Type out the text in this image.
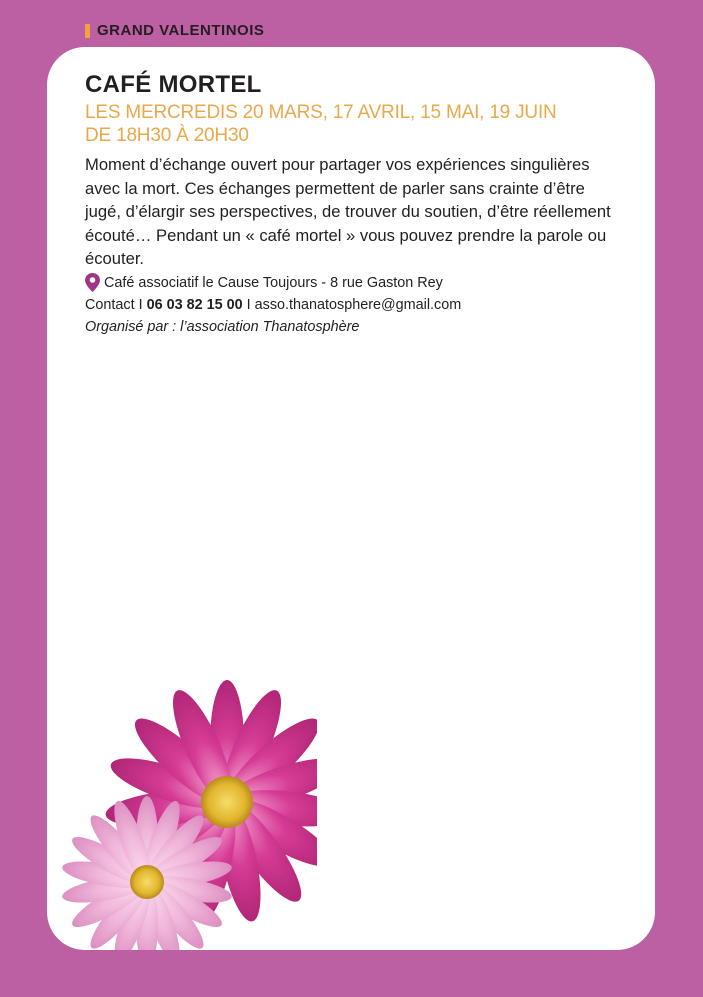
GRAND VALENTINOIS
CAFÉ MORTEL
LES MERCREDIS 20 MARS, 17 AVRIL, 15 MAI, 19 JUIN
DE 18H30 À 20H30

Moment d’échange ouvert pour partager vos expériences singulières avec la mort. Ces échanges permettent de parler sans crainte d’être jugé, d’élargir ses perspectives, de trouver du soutien, d’être réellement écouté… Pendant un « café mortel » vous pouvez prendre la parole ou écouter.

Café associatif le Cause Toujours - 8 rue Gaston Rey
Contact I 06 03 82 15 00 I asso.thanatosphere@gmail.com
Organisé par : l’association Thanatosphère
